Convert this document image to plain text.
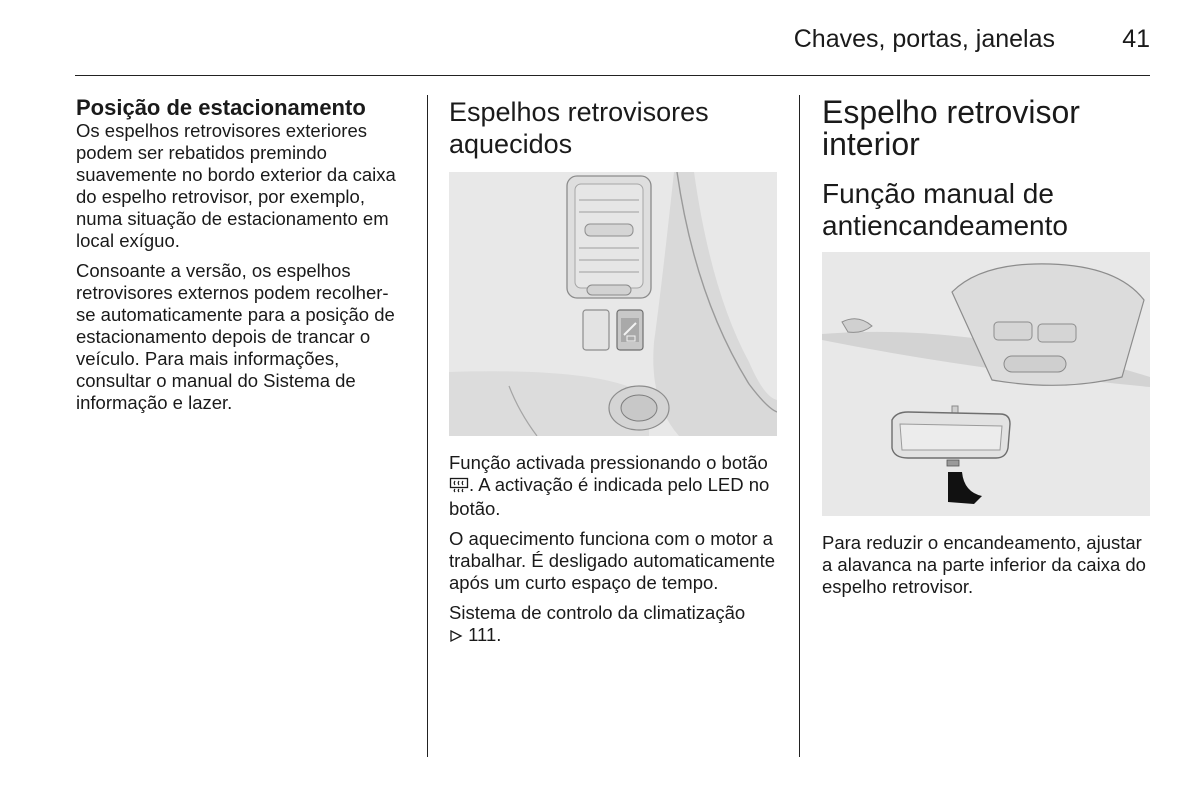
Chaves, portas, janelas	41
Posição de estacionamento

Os espelhos retrovisores exteriores podem ser rebatidos premindo suavemente no bordo exterior da caixa do espelho retrovisor, por exemplo, numa situação de estacionamento em local exíguo.

Consoante a versão, os espelhos retrovisores externos podem recolher-se automaticamente para a posição de estacionamento depois de trancar o veículo. Para mais informações, consultar o manual do Sistema de informação e lazer.

Espelhos retrovisores aquecidos

Função activada pressionando o botão . A activação é indicada pelo LED no botão.

O aquecimento funciona com o motor a trabalhar. É desligado automaticamente após um curto espaço de tempo.

Sistema de controlo da climatização
111.

Espelho retrovisor interior
Função manual de antiencandeamento

Para reduzir o encandeamento, ajustar a alavanca na parte inferior da caixa do espelho retrovisor.
